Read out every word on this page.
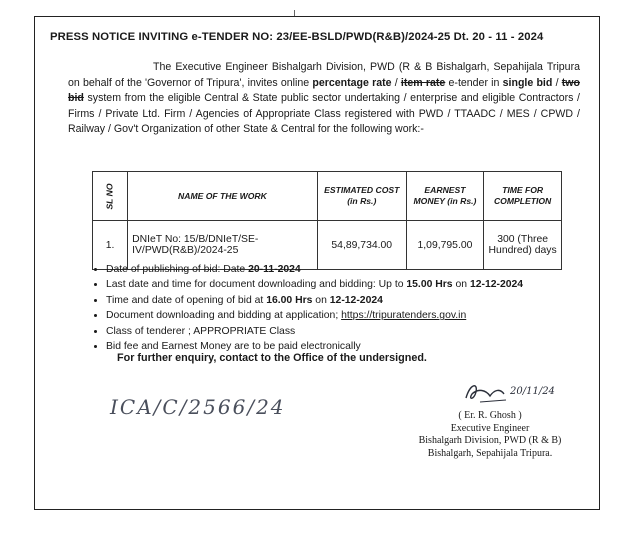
PRESS NOTICE INVITING e-TENDER NO: 23/EE-BSLD/PWD(R&B)/2024-25 Dt. 20 - 11 - 2024
The Executive Engineer Bishalgarh Division, PWD (R & B Bishalgarh, Sepahijala Tripura on behalf of the 'Governor of Tripura', invites online percentage rate / item rate e-tender in single bid / two bid system from the eligible Central & State public sector undertaking / enterprise and eligible Contractors / Firms / Private Ltd. Firm / Agencies of Appropriate Class registered with PWD / TTAADC / MES / CPWD / Railway / Gov't Organization of other State & Central for the following work:-
SL NO	NAME OF THE WORK	ESTIMATED COST (in Rs.)	EARNEST MONEY (in Rs.)	TIME FOR COMPLETION
1.	DNIeT No: 15/B/DNIeT/SE-IV/PWD(R&B)/2024-25	54,89,734.00	1,09,795.00	300 (Three Hundred) days
• Date of publishing of bid: Date 20-11-2024
• Last date and time for document downloading and bidding: Up to 15.00 Hrs on 12-12-2024
• Time and date of opening of bid at 16.00 Hrs on 12-12-2024
• Document downloading and bidding at application; https://tripuratenders.gov.in
• Class of tenderer ; APPROPRIATE Class
• Bid fee and Earnest Money are to be paid electronically
For further enquiry, contact to the Office of the undersigned.
ICA/C/2566/24
20/11/24
( Er. R. Ghosh )
Executive Engineer
Bishalgarh Division, PWD (R & B)
Bishalgarh, Sepahijala Tripura.
